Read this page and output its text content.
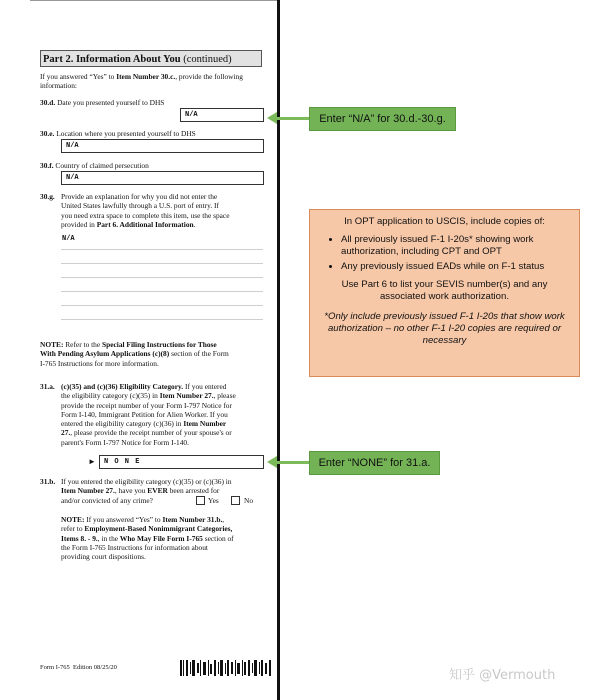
Part 2. Information About You (continued)
If you answered “Yes” to Item Number 30.c., provide the following information:
30.d. Date you presented yourself to DHS
N/A
30.e. Location where you presented yourself to DHS
N/A
30.f. Country of claimed persecution
N/A
30.g. Provide an explanation for why you did not enter the
United States lawfully through a U.S. port of entry. If
you need extra space to complete this item, use the space
provided in Part 6. Additional Information.
N/A
NOTE: Refer to the Special Filing Instructions for Those
With Pending Asylum Applications (c)(8) section of the Form
I-765 Instructions for more information.
31.a. (c)(35) and (c)(36) Eligibility Category. If you entered
the eligibility category (c)(35) in Item Number 27., please
provide the receipt number of your Form I-797 Notice for
Form I-140, Immigrant Petition for Alien Worker. If you
entered the eligibility category (c)(36) in Item Number
27., please provide the receipt number of your spouse's or
parent's Form I-797 Notice for Form I-140.
►	N O N E
31.b. If you entered the eligibility category (c)(35) or (c)(36) in
Item Number 27., have you EVER been arrested for
and/or convicted of any crime?	Yes	No
NOTE: If you answered “Yes” to Item Number 31.b.,
refer to Employment-Based Nonimmigrant Categories,
Items 8. - 9., in the Who May File Form I-765 section of
the Form I-765 Instructions for information about
providing court dispositions.
Form I-765 Edition 08/25/20
Enter “N/A” for 30.d.-30.g.
Enter “NONE” for 31.a.

In OPT application to USCIS, include copies of:

• All previously issued F-1 I-20s* showing work authorization, including CPT and OPT
• Any previously issued EADs while on F-1 status

Use Part 6 to list your SEVIS number(s) and any associated work authorization.

*Only include previously issued F-1 I-20s that show work authorization – no other F-1 I-20 copies are required or necessary

知乎 @Vermouth
